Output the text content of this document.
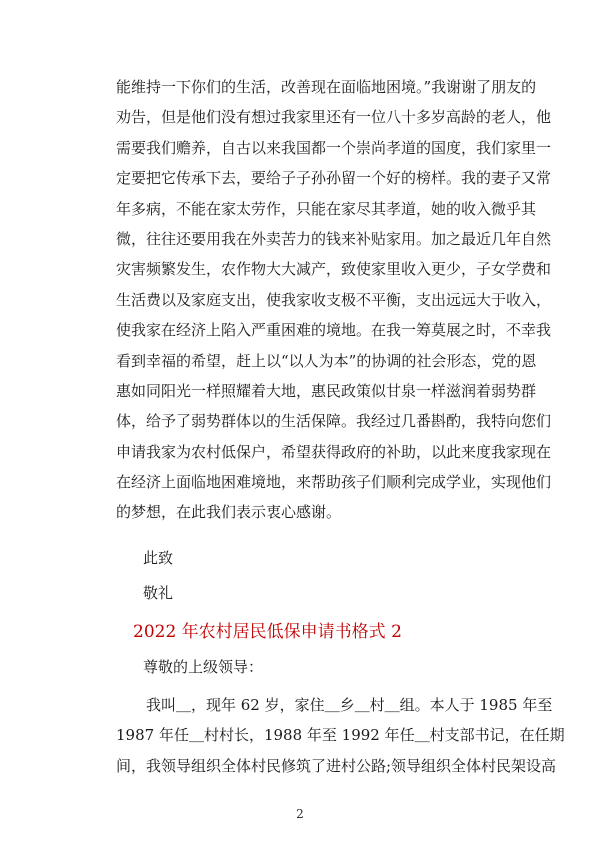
能维持一下你们的生活，改善现在面临地困境。”我谢谢了朋友的
劝告，但是他们没有想过我家里还有一位八十多岁高龄的老人，他
需要我们赡养，自古以来我国都一个崇尚孝道的国度，我们家里一
定要把它传承下去，要给子子孙孙留一个好的榜样。我的妻子又常
年多病，不能在家太劳作，只能在家尽其孝道，她的收入微乎其
微，往往还要用我在外卖苦力的钱来补贴家用。加之最近几年自然
灾害频繁发生，农作物大大减产，致使家里收入更少，子女学费和
生活费以及家庭支出，使我家收支极不平衡，支出远远大于收入，
使我家在经济上陷入严重困难的境地。在我一筹莫展之时，不幸我
看到幸福的希望，赶上以“以人为本”的协调的社会形态，党的恩
惠如同阳光一样照耀着大地，惠民政策似甘泉一样滋润着弱势群
体，给予了弱势群体以的生活保障。我经过几番斟酌，我特向您们
申请我家为农村低保户，希望获得政府的补助，以此来度我家现在
在经济上面临地困难境地，来帮助孩子们顺利完成学业，实现他们
的梦想，在此我们表示衷心感谢。

此致

敬礼

2022 年农村居民低保申请书格式 2

尊敬的上级领导：

　　我叫＿，现年 62 岁，家住＿乡＿村＿组。本人于 1985 年至
1987 年任＿村村长，1988 年至 1992 年任＿村支部书记，在任期
间，我领导组织全体村民修筑了进村公路;领导组织全体村民架设高
2
